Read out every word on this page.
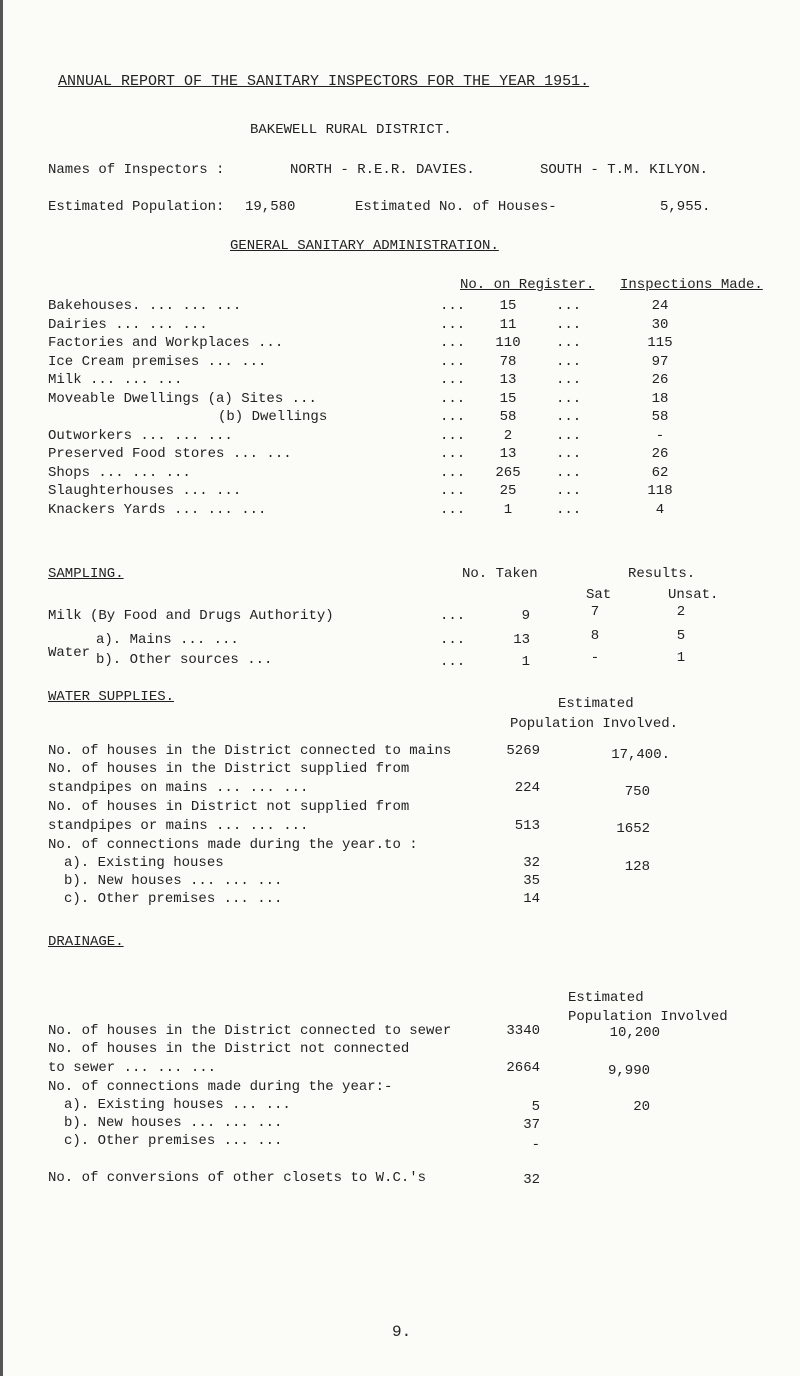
ANNUAL REPORT OF THE SANITARY INSPECTORS FOR THE YEAR 1951.
BAKEWELL RURAL DISTRICT.
Names of Inspectors :	NORTH - R.E.R. DAVIES.	SOUTH - T.M. KILYON.
Estimated Population: 19,580	Estimated No. of Houses-	5,955.
GENERAL SANITARY ADMINISTRATION.
No. on Register. Inspections Made.
Bakehouses. ... ... ...	...	15	...	24
Dairies ... ... ...	...	11	...	30
Factories and Workplaces ...	...	110	...	115
Ice Cream premises ... ...	...	78	...	97
Milk ... ... ...	...	13	...	26
Moveable Dwellings (a) Sites ...	...	15	...	18
(b) Dwellings	...	58	...	58
Outworkers ... ... ...	...	2	...	-
Preserved Food stores ... ...	...	13	...	26
Shops ... ... ...	...	265	...	62
Slaughterhouses ... ...	...	25	...	118
Knackers Yards ... ... ...	...	1	...	4
SAMPLING.	No. Taken	Results.
Sat	Unsat.
Milk (By Food and Drugs Authority)	...	9	7	2
Water
a). Mains ... ...	...	13	8	5
b). Other sources ...	...	1	-	1
WATER SUPPLIES.	Estimated
Population Involved.
No. of houses in the District connected to mains	5269	17,400.
No. of houses in the District supplied from
standpipes on mains ... ... ...	224	750
No. of houses in District not supplied from
standpipes or mains ... ... ...	513	1652
No. of connections made during the year.to :
a). Existing houses	32	128
b). New houses ... ... ...	35
c). Other premises ... ...	14
DRAINAGE.
Estimated
Population Involved
No. of houses in the District connected to sewer	3340	10,200
No. of houses in the District not connected
to sewer ... ... ...	2664	9,990
No. of connections made during the year:-
a). Existing houses ... ...	5	20
b). New houses ... ... ...	37
c). Other premises ... ...	-
No. of conversions of other closets to W.C.'s	32
9.
